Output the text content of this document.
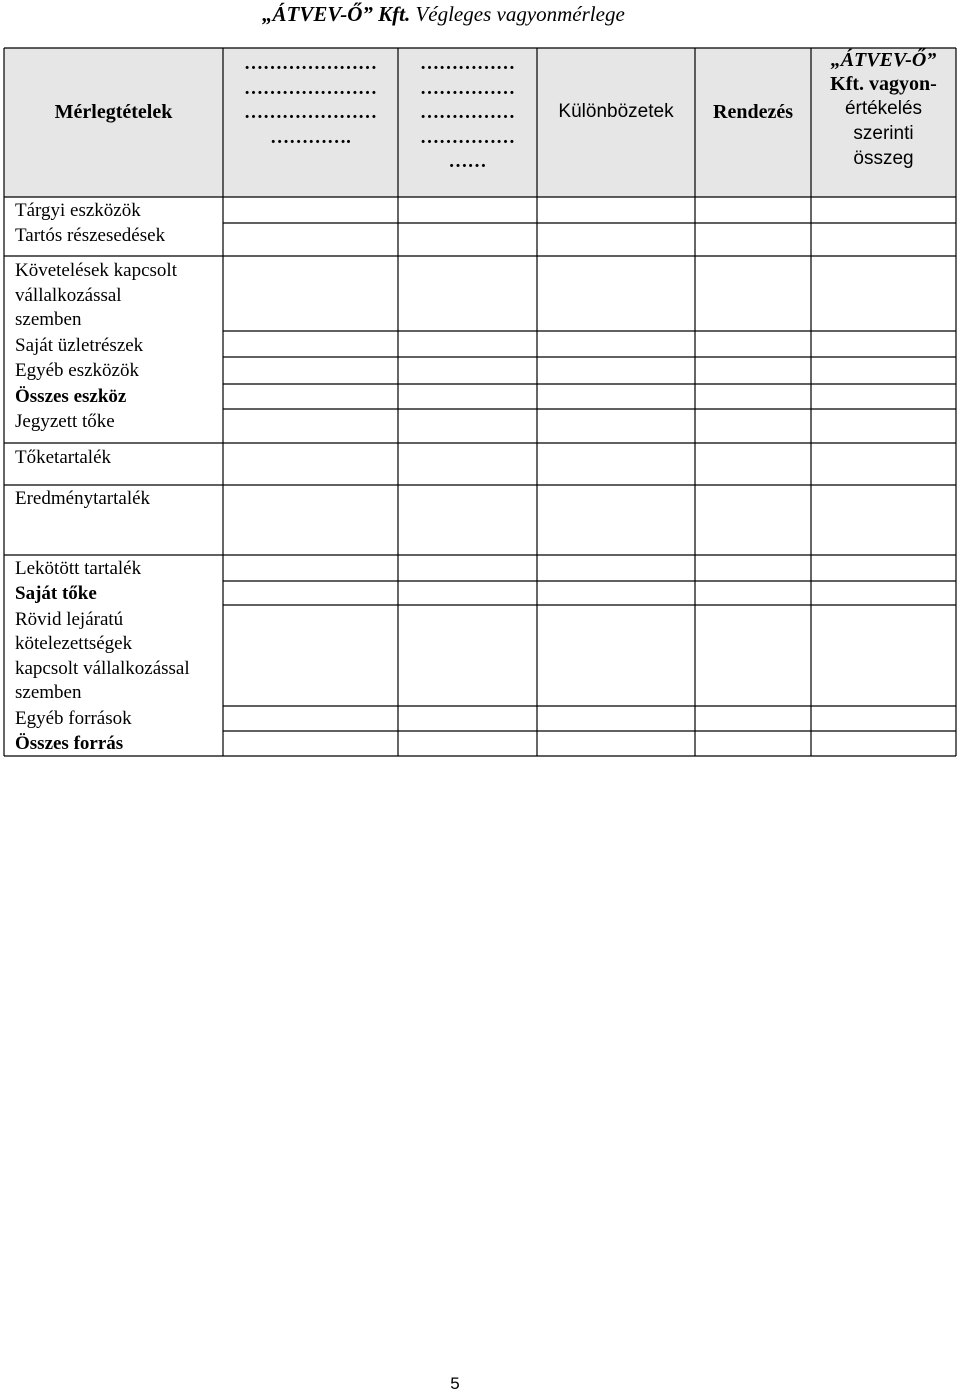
„ÁTVEV-Ő” Kft. Végleges vagyonmérlege
Mérlegtételek
…………………
…………………
…………………
………….
……………
……………
……………
……………
……
Különbözetek Rendezés
„ÁTVEV-Ő”
Kft. vagyon-
értékelés
szerinti
összeg
Tárgyi eszközök
Tartós részesedések
Követelések kapcsolt
vállalkozással
szemben
Saját üzletrészek
Egyéb eszközök
Összes eszköz
Jegyzett tőke
Tőketartalék
Eredménytartalék
Lekötött tartalék
Saját tőke
Rövid lejáratú
kötelezettségek
kapcsolt vállalkozással
szemben
Egyéb források
Összes forrás
5
